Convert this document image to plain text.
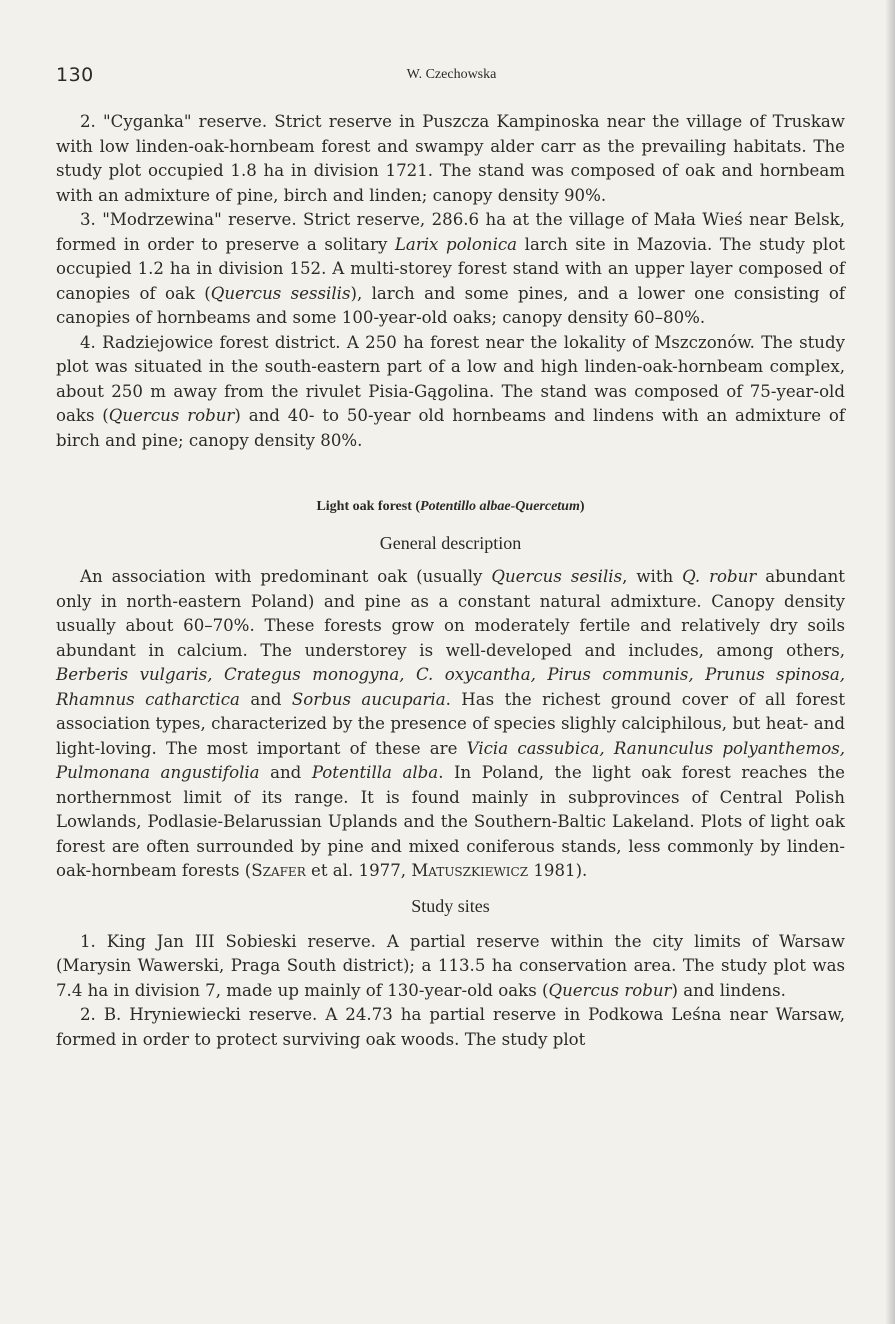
130	W. Czechowska

2. "Cyganka" reserve. Strict reserve in Puszcza Kampinoska near the village of Truskaw with low linden-oak-hornbeam forest and swampy alder carr as the prevailing habitats. The study plot occupied 1.8 ha in division 1721. The stand was composed of oak and hornbeam with an admixture of pine, birch and linden; canopy density 90%.

3. "Modrzewina" reserve. Strict reserve, 286.6 ha at the village of Mała Wieś near Belsk, formed in order to preserve a solitary Larix polonica larch site in Mazovia. The study plot occupied 1.2 ha in division 152. A multi-storey forest stand with an upper layer composed of canopies of oak (Quercus sessilis), larch and some pines, and a lower one consisting of canopies of hornbeams and some 100-year-old oaks; canopy density 60–80%.

4. Radziejowice forest district. A 250 ha forest near the lokality of Mszczonów. The study plot was situated in the south-eastern part of a low and high linden-oak-hornbeam complex, about 250 m away from the rivulet Pisia-Gągolina. The stand was composed of 75-year-old oaks (Quercus robur) and 40- to 50-year old hornbeams and lindens with an admixture of birch and pine; canopy density 80%.

Light oak forest (Potentillo albae-Quercetum)
General description

An association with predominant oak (usually Quercus sesilis, with Q. robur abundant only in north-eastern Poland) and pine as a constant natural admixture. Canopy density usually about 60–70%. These forests grow on moderately fertile and relatively dry soils abundant in calcium. The understorey is well-developed and includes, among others, Berberis vulgaris, Crategus monogyna, C. oxycantha, Pirus communis, Prunus spinosa, Rhamnus catharctica and Sorbus aucuparia. Has the richest ground cover of all forest association types, characterized by the presence of species slighly calciphilous, but heat- and light-loving. The most important of these are Vicia cassubica, Ranunculus polyanthemos, Pulmonana angustifolia and Potentilla alba. In Poland, the light oak forest reaches the northernmost limit of its range. It is found mainly in subprovinces of Central Polish Lowlands, Podlasie-Belarussian Uplands and the Southern-Baltic Lakeland. Plots of light oak forest are often surrounded by pine and mixed coniferous stands, less commonly by linden-oak-hornbeam forests (Szafer et al. 1977, Matuszkiewicz 1981).

Study sites

1. King Jan III Sobieski reserve. A partial reserve within the city limits of Warsaw (Marysin Wawerski, Praga South district); a 113.5 ha conservation area. The study plot was 7.4 ha in division 7, made up mainly of 130-year-old oaks (Quercus robur) and lindens.

2. B. Hryniewiecki reserve. A 24.73 ha partial reserve in Podkowa Leśna near Warsaw, formed in order to protect surviving oak woods. The study plot
